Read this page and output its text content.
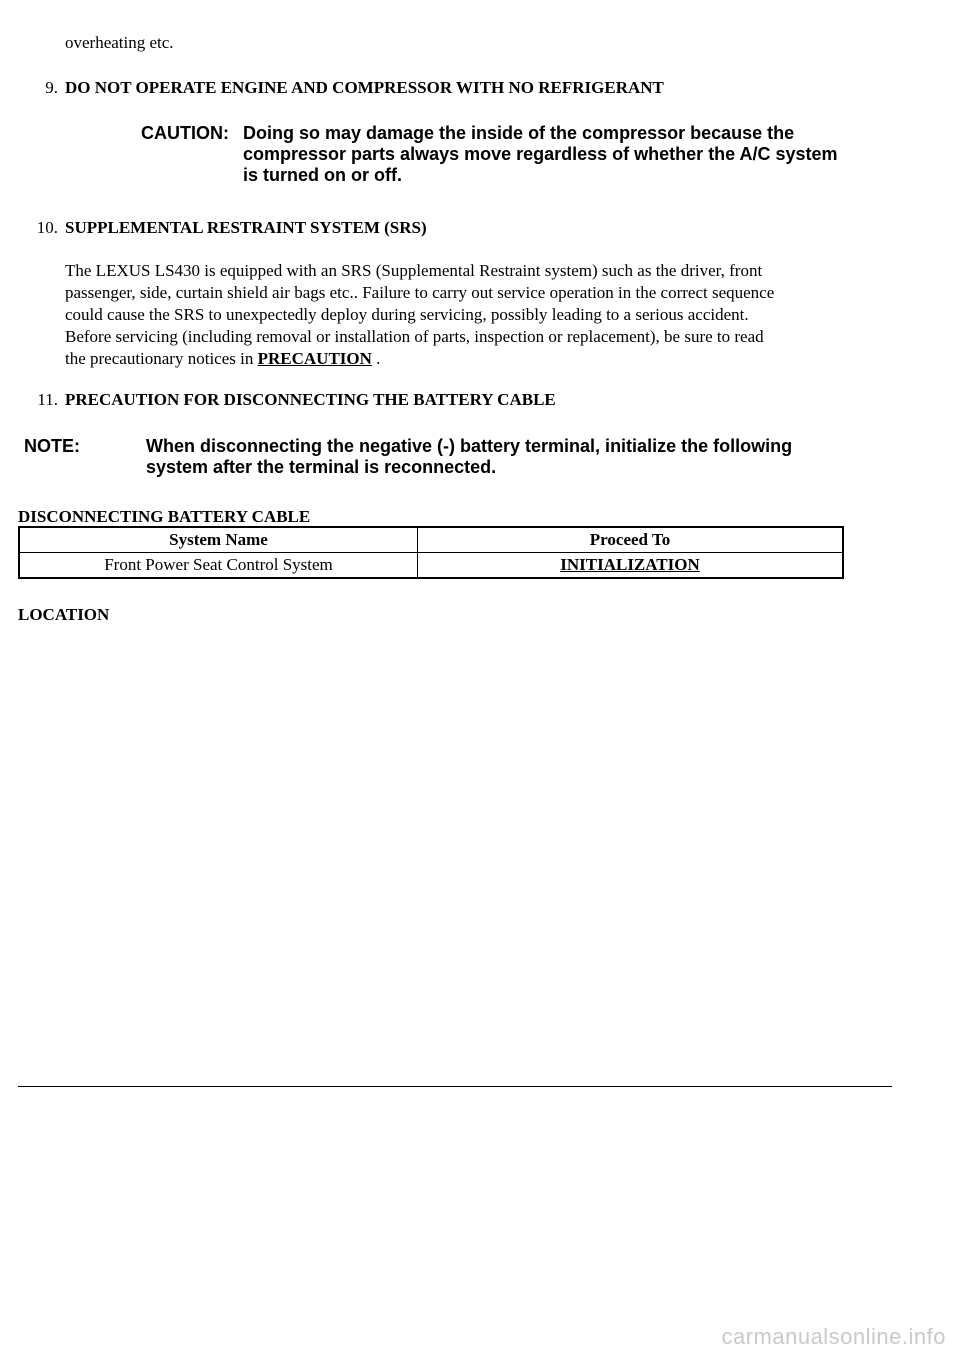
overheating etc.
9. DO NOT OPERATE ENGINE AND COMPRESSOR WITH NO REFRIGERANT
CAUTION: Doing so may damage the inside of the compressor because the
compressor parts always move regardless of whether the A/C system
is turned on or off.
10. SUPPLEMENTAL RESTRAINT SYSTEM (SRS)
The LEXUS LS430 is equipped with an SRS (Supplemental Restraint system) such as the driver, front
passenger, side, curtain shield air bags etc.. Failure to carry out service operation in the correct sequence
could cause the SRS to unexpectedly deploy during servicing, possibly leading to a serious accident.
Before servicing (including removal or installation of parts, inspection or replacement), be sure to read
the precautionary notices in PRECAUTION .
11. PRECAUTION FOR DISCONNECTING THE BATTERY CABLE
NOTE:	When disconnecting the negative (-) battery terminal, initialize the following
system after the terminal is reconnected.
DISCONNECTING BATTERY CABLE
System Name	Proceed To
Front Power Seat Control System	INITIALIZATION
LOCATION
carmanualsonline.info
